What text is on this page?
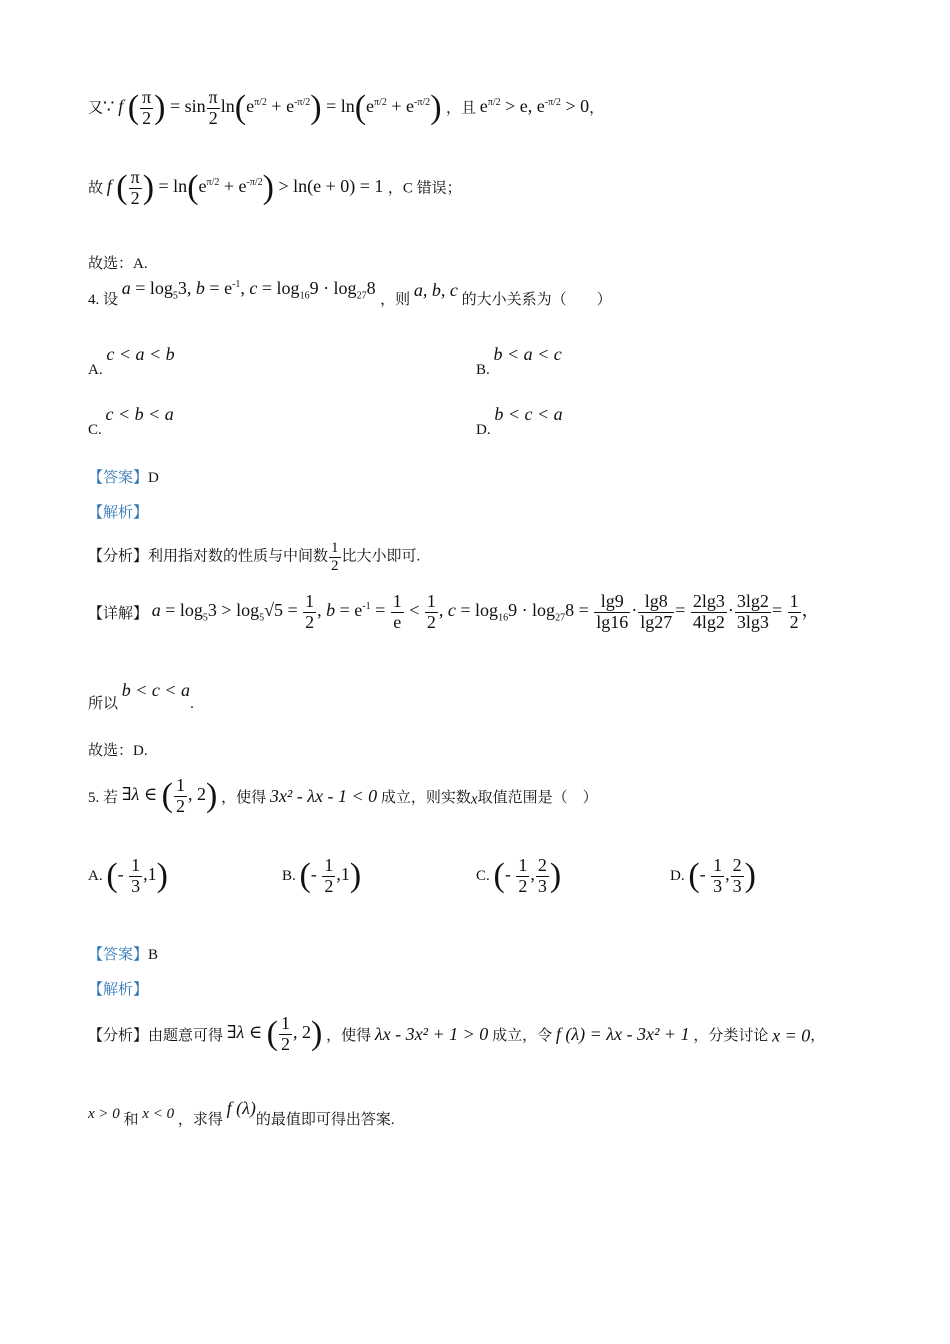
又∵ f ( $\frac{\pi}{2}$ ) = $\sin \frac{\pi}{2} \ln(e^{\pi/2} + e^{-\pi/2}) = \ln(e^{\pi/2} + e^{-\pi/2})$ ，且 $e^{\pi/2} > e$, $e^{-\pi/2} > 0$，
故 f ( $\frac{\pi}{2}$ ) = $\ln(e^{\pi/2} + e^{-\pi/2}) > \ln(e + 0) = 1$ ，C 错误；
故选：A.
4. 设 $a = \log_53$, $b = e^{-1}$, $c = \log_{16}9 \cdot \log_{27}8$ ，则 a, b, c 的大小关系为（　　）
A. c < a < b
B. b < a < c
C. c < b < a
D. b < c < a
【答案】D
【解析】
【分析】利用指对数的性质与中间数 $\frac{1}{2}$ 比大小即可.
【详解】 $a = \log_53 > \log_5√5 = \frac{1}{2}$ , $b = e^{-1} = \frac{1}{e} < \frac{1}{2}$ , $c = \log_{16}9 \cdot \log_{27}8 = \frac{\lg 9}{\lg 16} \cdot \frac{\lg 8}{\lg 27} = \frac{2\lg 3}{4\lg 2} \cdot \frac{3\lg 2}{3\lg 3} = \frac{1}{2}$ ，
所以 b < c < a.
故选：D.
5. 若 ∃λ ∈ ( $\frac{1}{2}$ , 2) ，使得 3x² - λx - 1 < 0 成立，则实数x取值范围是（　）
A. (- $\frac{1}{3} ,1$)	B. (- $\frac{1}{2} ,1$)	C. (- $\frac{1}{2}$ , $\frac{2}{3}$ )	D. (- $\frac{1}{3}$ , $\frac{2}{3}$ )
【答案】B
【解析】
【分析】由题意可得 ∃λ ∈ ( $\frac{1}{2}$ , 2) ，使得 λx - 3x² + 1 > 0 成立，令 f (λ) = λx - 3x² + 1 ，分类讨论 x = 0，
x > 0 和 x < 0 ，求得 f (λ)的最值即可得出答案.
